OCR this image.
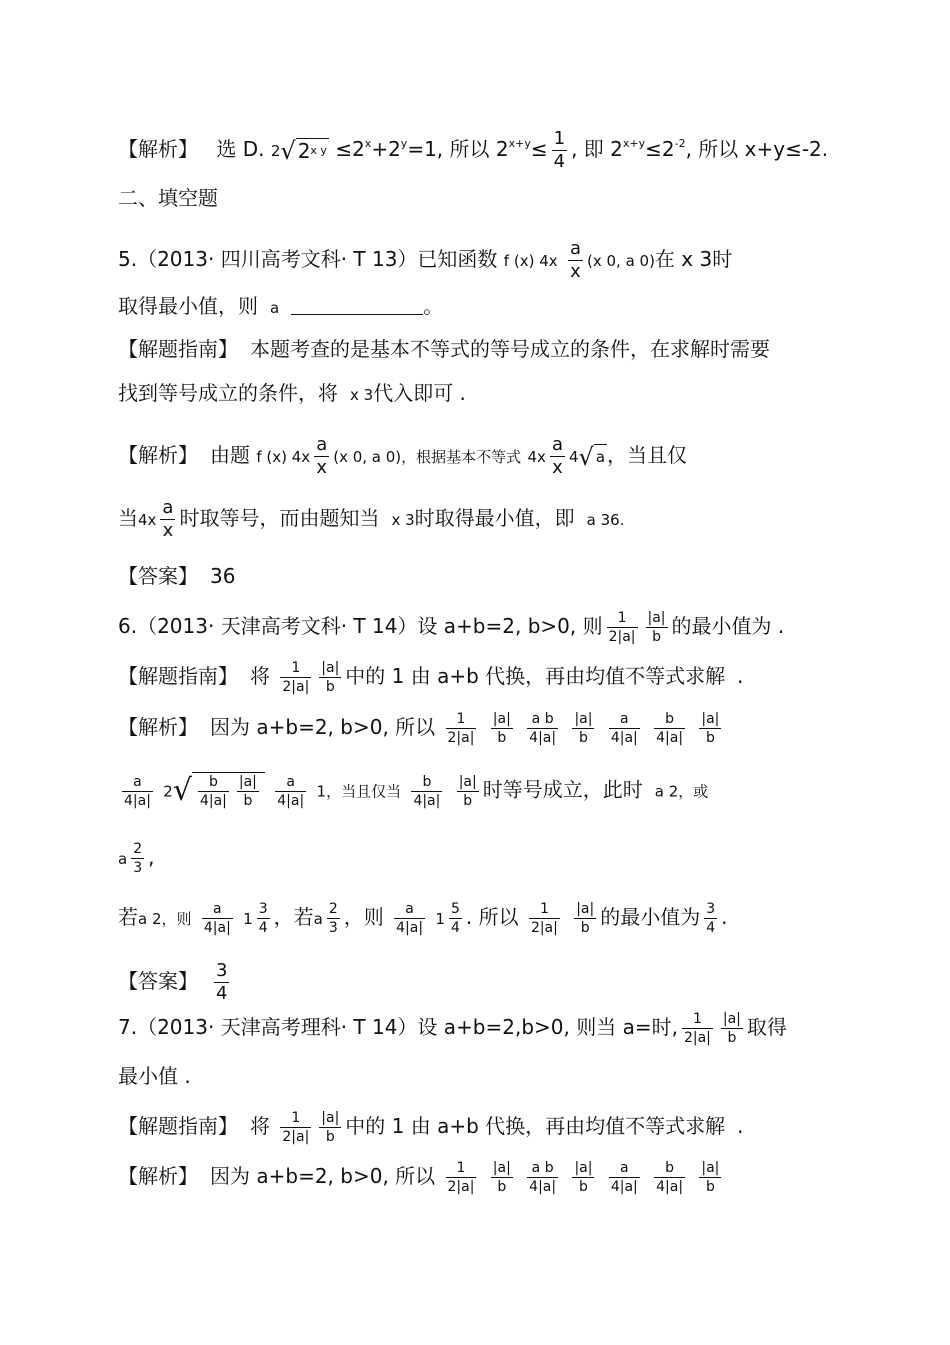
【解析】 选 D. 2 √ 2 x $y \le 2^x+2^y=1$, 所以 $2^{x+y}\le \frac{1}{4}$ , 即 $2^{x+y}\le 2^{-2}$, 所以 x+y≤-2.
二、填空题
5.（2013· 四川高考文科· T 13）已知函数 f (x) $4x \frac{a}{x} (x$ 0, a 0)在 x 3时
取得最小值，则 a	。
【解题指南】 本题考查的是基本不等式的等号成立的条件，在求解时需要
找到等号成立的条件，将 x 3代入即可 .
【解析】 由题 f (x) $4x \frac{a}{x} (x$ 0, a 0)，根据基本不等式 $4x \frac{a}{x} 4$ √ a ，当且仅
当$4x \frac{a}{x}$ 时取等号，而由题知当 x 3时取得最小值，即 a 36.
【答案】 36
6.（2013· 天津高考文科· T 14）设 a+b=2, b>0, 则 $\frac{1}{2|a|} \frac{|a|}{b}$ 的最小值为 .
【解题指南】 将 $\frac{1}{2|a|} \frac{|a|}{b}$ 中的 1 由 a+b 代换，再由均值不等式求解 .
【解析】 因为 a+b=2, b>0, 所以 $\frac{1}{2|a|}$
$\frac{|a|}{b}$
$\frac{\text{a b}}{4|a|}$
$\frac{|a|}{b}$
$\frac{a}{4|a|}$
$\frac{b}{4|a|}$
$\frac{|a|}{b}$
$\frac{a}{4|a|} 2$ √ $\frac{b}{4|a|} \frac{|a|}{b}$
$\frac{a}{4|a|} 1$，当且仅当 $\frac{b}{4|a|}$
$\frac{|a|}{b}$ 时等号成立，此时 a 2，或
a $\frac{2}{3}$ ,
若a 2，则 $\frac{a}{4|a|} 1 \frac{3}{4}$ ，若a $\frac{2}{3}$ ，则 $\frac{a}{4|a|} 1 \frac{5}{4}$ . 所以 $\frac{1}{2|a|}$
$\frac{|a|}{b}$ 的最小值为 $\frac{3}{4}$ .
【答案】 $\frac{3}{4}$
7.（2013· 天津高考理科· T 14）设 a+b=2,b>0, 则当 a=时, $\frac{1}{2|a|} \frac{|a|}{b}$ 取得
最小值 .
【解题指南】 将 $\frac{1}{2|a|} \frac{|a|}{b}$ 中的 1 由 a+b 代换，再由均值不等式求解 .
【解析】 因为 a+b=2, b>0, 所以 $\frac{1}{2|a|}$
$\frac{|a|}{b}$
$\frac{\text{a b}}{4|a|}$
$\frac{|a|}{b}$
$\frac{a}{4|a|}$
$\frac{b}{4|a|}$
$\frac{|a|}{b}$
